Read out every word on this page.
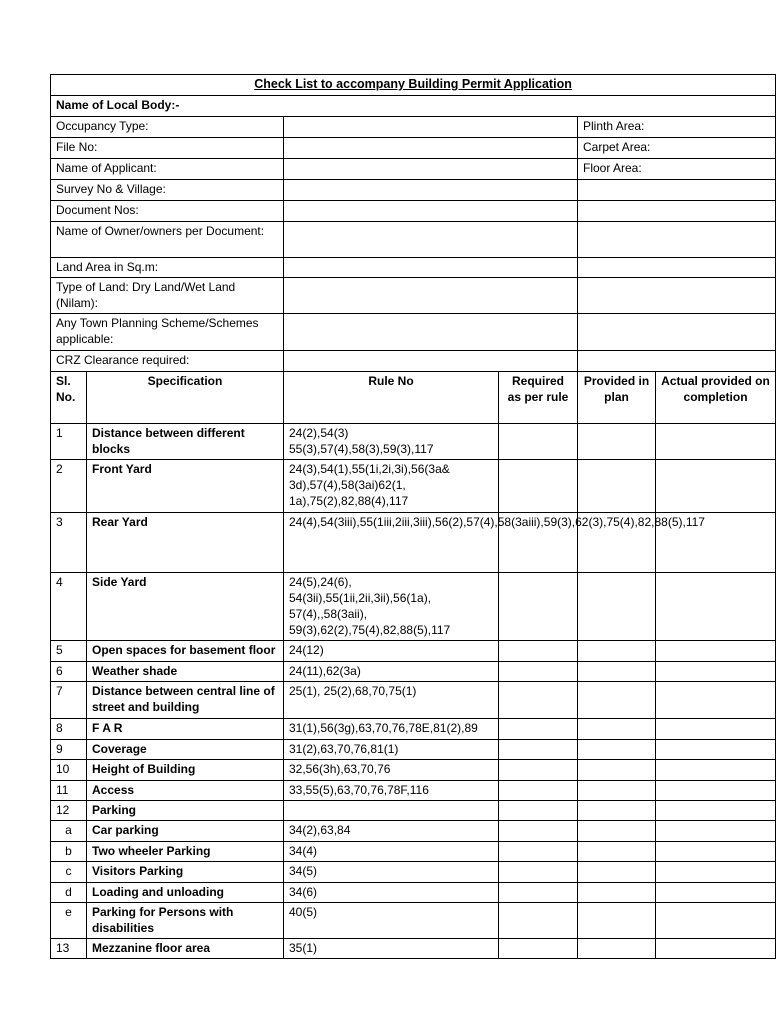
Check List to accompany Building Permit Application					
Name of Local Body:-					
Occupancy Type:				Plinth Area:	
File No:				Carpet Area:	
Name of Applicant:				Floor Area:	
Survey No & Village:					
Document Nos:					
Name of Owner/owners per Document:					
Land Area in Sq.m:					
Type of Land: Dry Land/Wet Land (Nilam):					
Any Town Planning Scheme/Schemes applicable:					
CRZ Clearance required:					
Sl. No.	Specification	Rule No	Required as per rule	Provided in plan	Actual provided on completion
1	Distance between different blocks	24(2),54(3) 55(3),57(4),58(3),59(3),117			
2	Front Yard	24(3),54(1),55(1i,2i,3i),56(3a& 3d),57(4),58(3ai)62(1, 1a),75(2),82,88(4),117			
3	Rear Yard	24(4),54(3iii),55(1iii,2iii,3iii),56(2),57(4),58(3aiii),59(3),62(3),75(4),82,88(5),117			
4	Side Yard	24(5),24(6), 54(3ii),55(1ii,2ii,3ii),56(1a), 57(4),,58(3aii), 59(3),62(2),75(4),82,88(5),117			
5	Open spaces for basement floor	24(12)			
6	Weather shade	24(11),62(3a)			
7	Distance between central line of street and building	25(1), 25(2),68,70,75(1)			
8	F A R	31(1),56(3g),63,70,76,78E,81(2),89			
9	Coverage	31(2),63,70,76,81(1)			
10	Height of Building	32,56(3h),63,70,76			
11	Access	33,55(5),63,70,76,78F,116			
12	Parking				
a	Car parking	34(2),63,84			
b	Two wheeler Parking	34(4)			
c	Visitors Parking	34(5)			
d	Loading and unloading	34(6)			
e	Parking for Persons with disabilities	40(5)			
13	Mezzanine floor area	35(1)			
